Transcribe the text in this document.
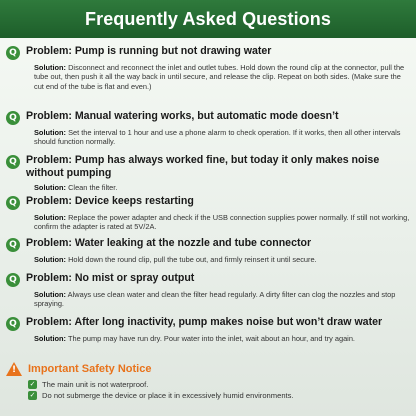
Frequently Asked Questions
Q Problem: Pump is running but not drawing water
Solution: Disconnect and reconnect the inlet and outlet tubes. Hold down the round clip at the connector, pull the tube out, then push it all the way back in until secure, and release the clip. Repeat on both sides. (Make sure the cut end of the tube is flat and even.)
Q Problem: Manual watering works, but automatic mode doesn’t
Solution: Set the interval to 1 hour and use a phone alarm to check operation. If it works, then all other intervals should function normally.
Q Problem: Pump has always worked fine, but today it only makes noise without pumping
Solution: Clean the filter.
Q Problem: Device keeps restarting
Solution: Replace the power adapter and check if the USB connection supplies power normally. If still not working, confirm the adapter is rated at 5V/2A.
Q Problem: Water leaking at the nozzle and tube connector
Solution: Hold down the round clip, pull the tube out, and firmly reinsert it until secure.
Q Problem: No mist or spray output
Solution: Always use clean water and clean the filter head regularly. A dirty filter can clog the nozzles and stop spraying.
Q Problem: After long inactivity, pump makes noise but won’t draw water
Solution: The pump may have run dry. Pour water into the inlet, wait about an hour, and try again.
! Important Safety Notice
✓ The main unit is not waterproof.
✓ Do not submerge the device or place it in excessively humid environments.
